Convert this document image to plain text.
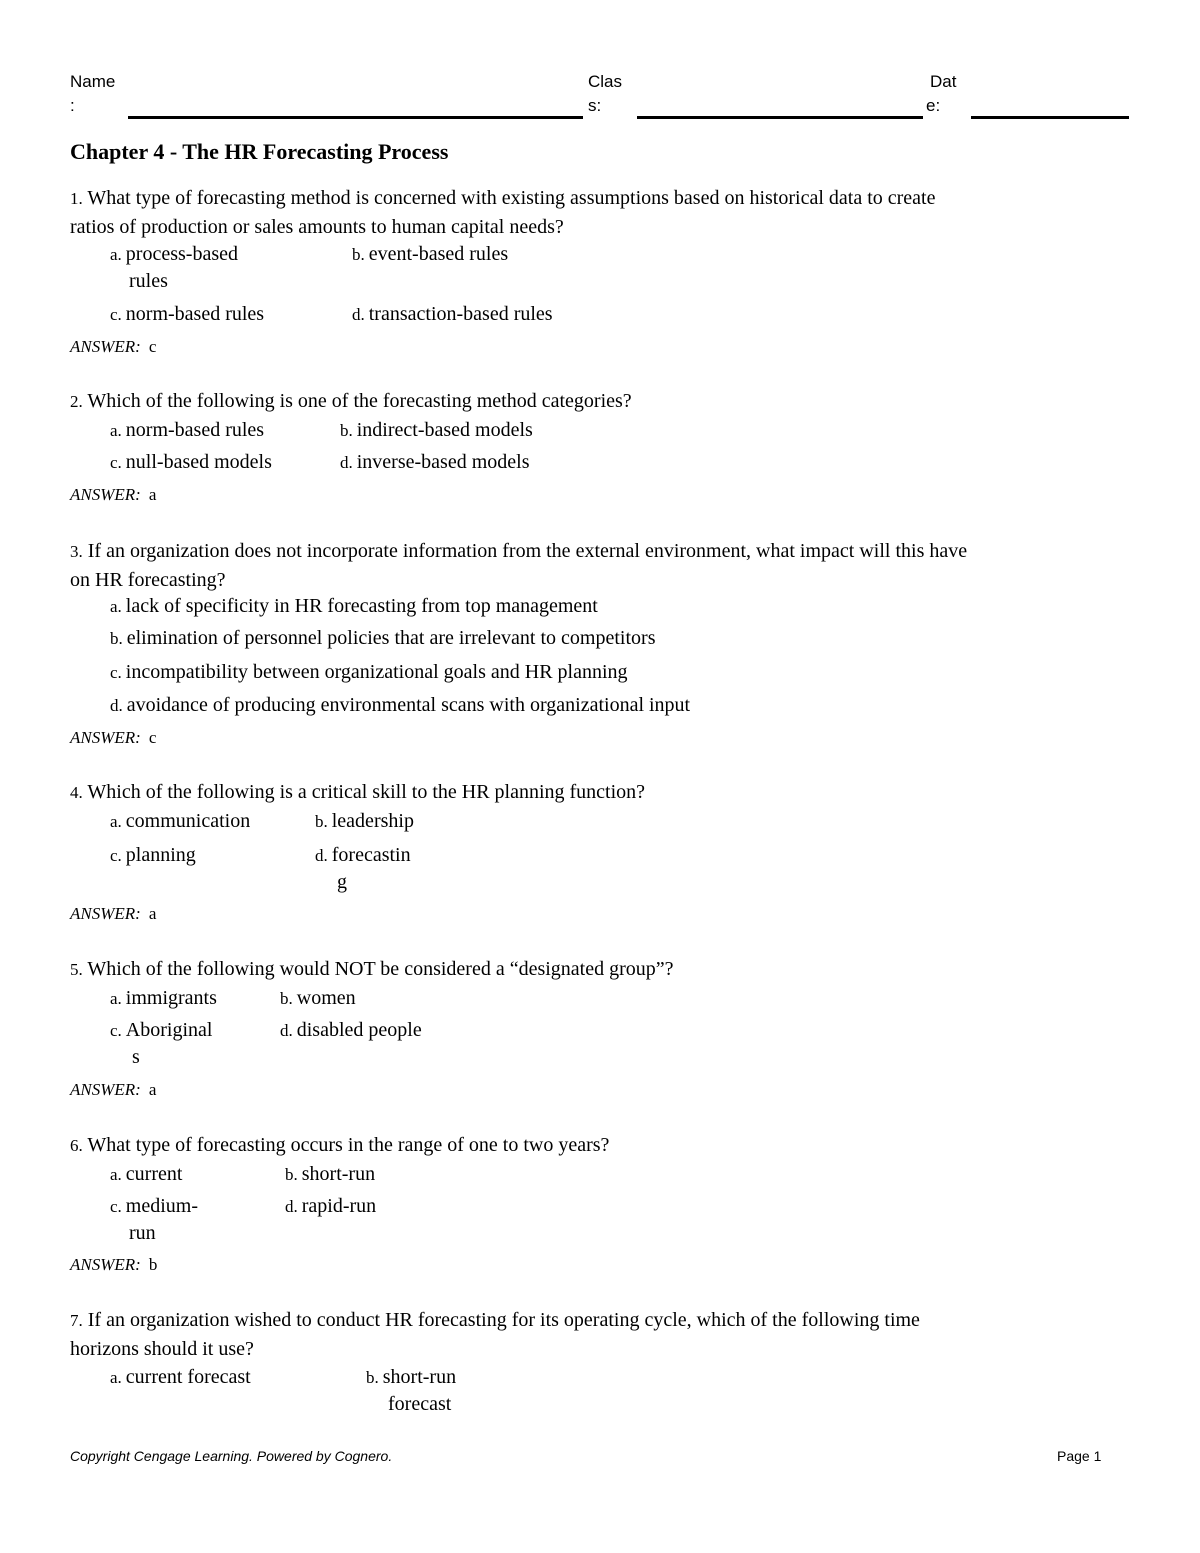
Name
:
Clas
s:
Dat
e:
Chapter 4 - The HR Forecasting Process
1. What type of forecasting method is concerned with existing assumptions based on historical data to create
ratios of production or sales amounts to human capital needs?
a. process-based
rules
b. event-based rules
c. norm-based rules	d. transaction-based rules
ANSWER: c
2. Which of the following is one of the forecasting method categories?
a. norm-based rules	b. indirect-based models
c. null-based models	d. inverse-based models
ANSWER: a
3. If an organization does not incorporate information from the external environment, what impact will this have
on HR forecasting?
a. lack of specificity in HR forecasting from top management
b. elimination of personnel policies that are irrelevant to competitors
c. incompatibility between organizational goals and HR planning
d. avoidance of producing environmental scans with organizational input
ANSWER: c
4. Which of the following is a critical skill to the HR planning function?
a. communication	b. leadership
c. planning	d. forecastin
g
ANSWER: a
5. Which of the following would NOT be considered a “designated group”?
a. immigrants	b. women
c. Aboriginal
s
d. disabled people
ANSWER: a
6. What type of forecasting occurs in the range of one to two years?
a. current	b. short-run
c. medium-
run
d. rapid-run
ANSWER: b
7. If an organization wished to conduct HR forecasting for its operating cycle, which of the following time
horizons should it use?
a. current forecast	b. short-run
forecast
Copyright Cengage Learning. Powered by Cognero.	Page 1
